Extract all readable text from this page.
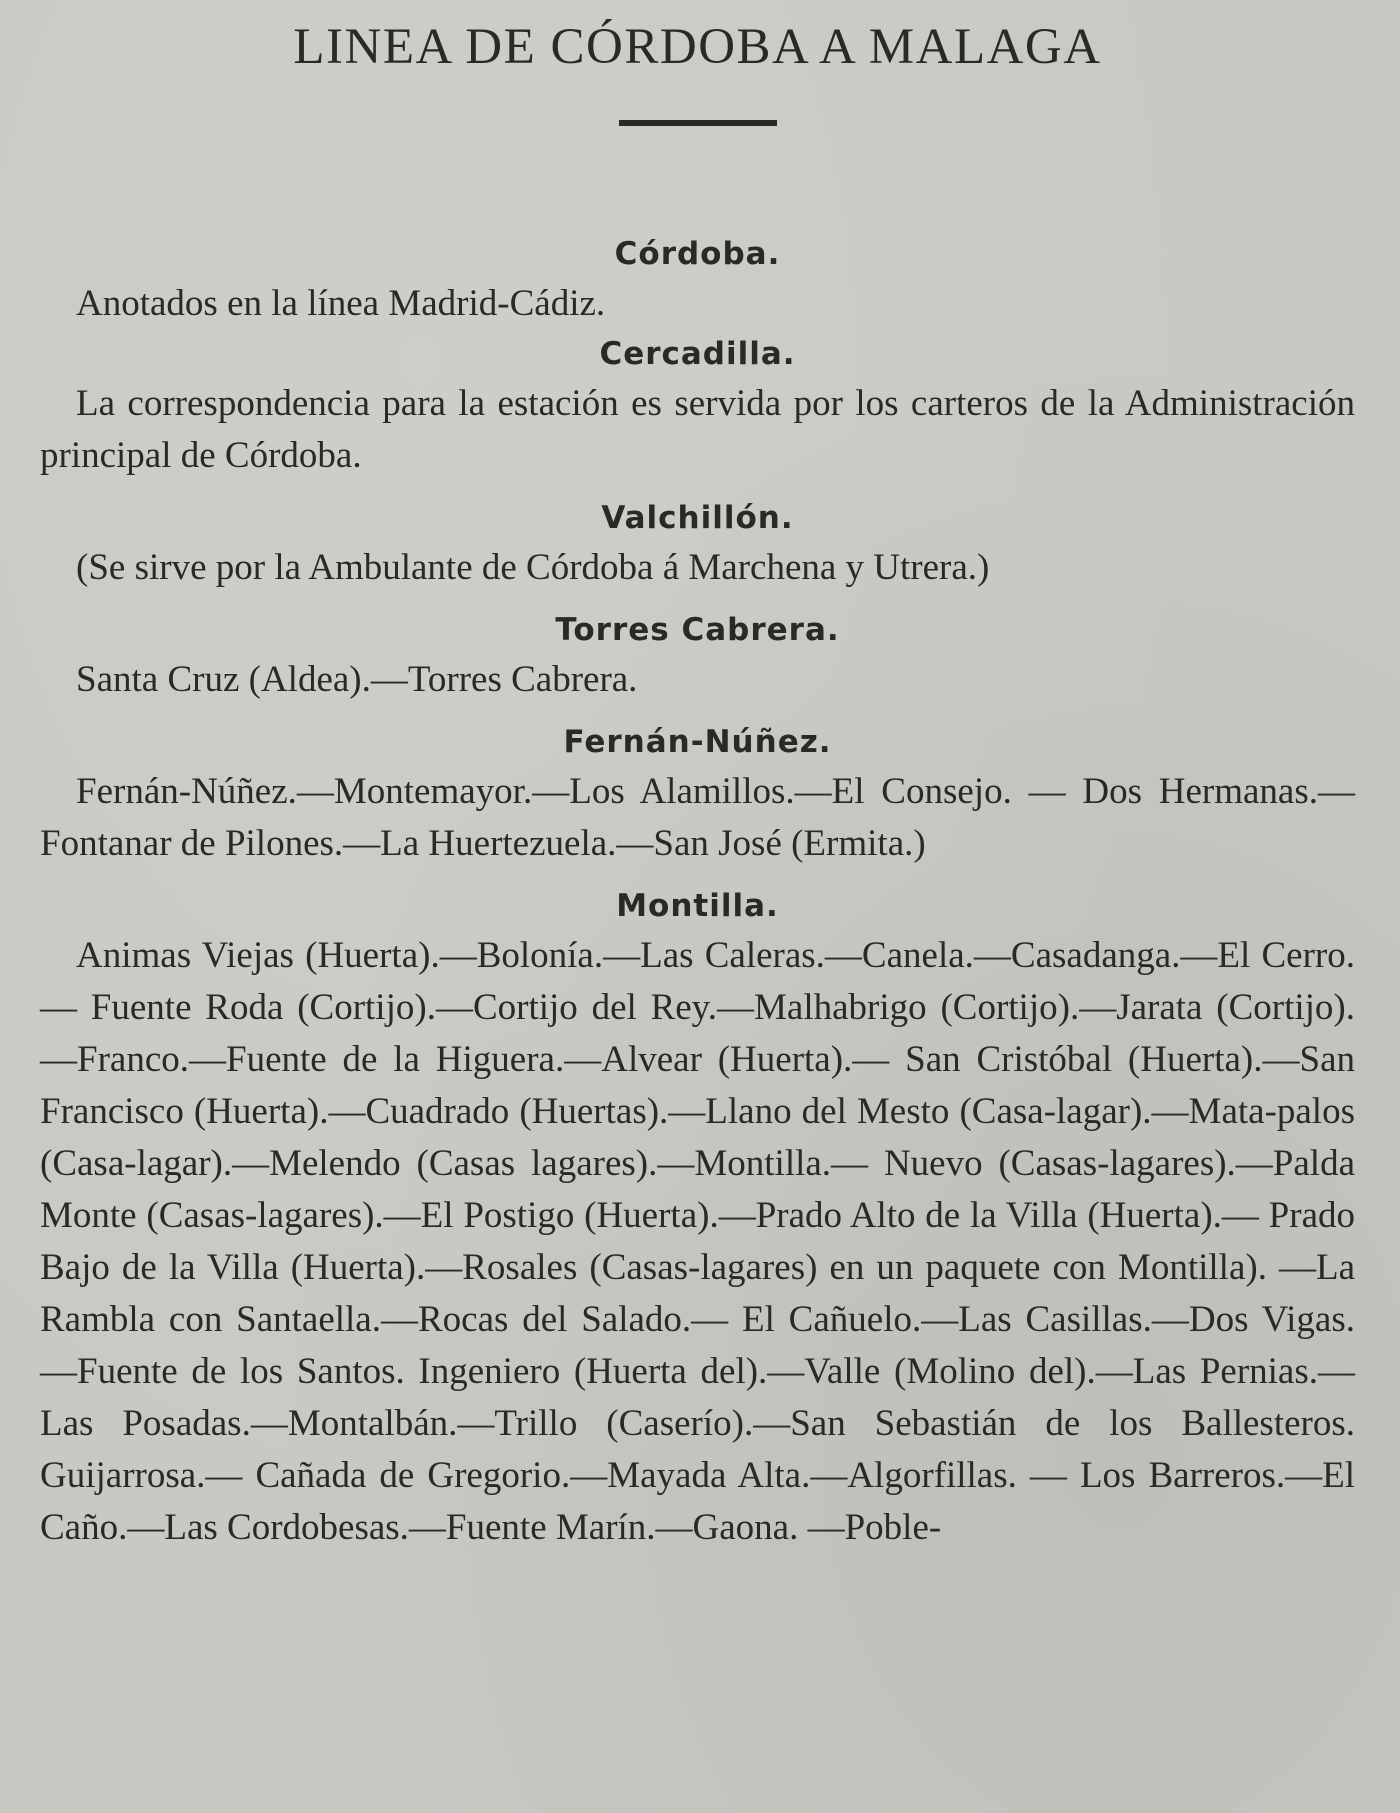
LINEA DE CÓRDOBA A MALAGA
Córdoba.

Anotados en la línea Madrid-Cádiz.

Cercadilla.

La correspondencia para la estación es servida por los carteros de la Administración principal de Córdoba.

Valchillón.

(Se sirve por la Ambulante de Córdoba á Marchena y Utrera.)

Torres Cabrera.

Santa Cruz (Aldea).—Torres Cabrera.

Fernán-Núñez.

Fernán-Núñez.—Montemayor.—Los Alamillos.—El Consejo. — Dos Hermanas.—Fontanar de Pilones.—La Huertezuela.—San José (Ermita.)

Montilla.

Animas Viejas (Huerta).—Bolonía.—Las Caleras.—Canela.—Casadanga.—El Cerro.— Fuente Roda (Cortijo).—Cortijo del Rey.—Malhabrigo (Cortijo).—Jarata (Cortijo).—Franco.—Fuente de la Higuera.—Alvear (Huerta).— San Cristóbal (Huerta).—San Francisco (Huerta).—Cuadrado (Huertas).—Llano del Mesto (Casa-lagar).—Mata-palos (Casa-lagar).—Melendo (Casas lagares).—Montilla.— Nuevo (Casas-lagares).—Palda Monte (Casas-lagares).—El Postigo (Huerta).—Prado Alto de la Villa (Huerta).— Prado Bajo de la Villa (Huerta).—Rosales (Casas-lagares) en un paquete con Montilla). —La Rambla con Santaella.—Rocas del Salado.— El Cañuelo.—Las Casillas.—Dos Vigas.—Fuente de los Santos. Ingeniero (Huerta del).—Valle (Molino del).—Las Pernias.—Las Posadas.—Montalbán.—Trillo (Caserío).—San Sebastián de los Ballesteros. Guijarrosa.— Cañada de Gregorio.—Mayada Alta.—Algorfillas. — Los Barreros.—El Caño.—Las Cordobesas.—Fuente Marín.—Gaona. —Poble-
